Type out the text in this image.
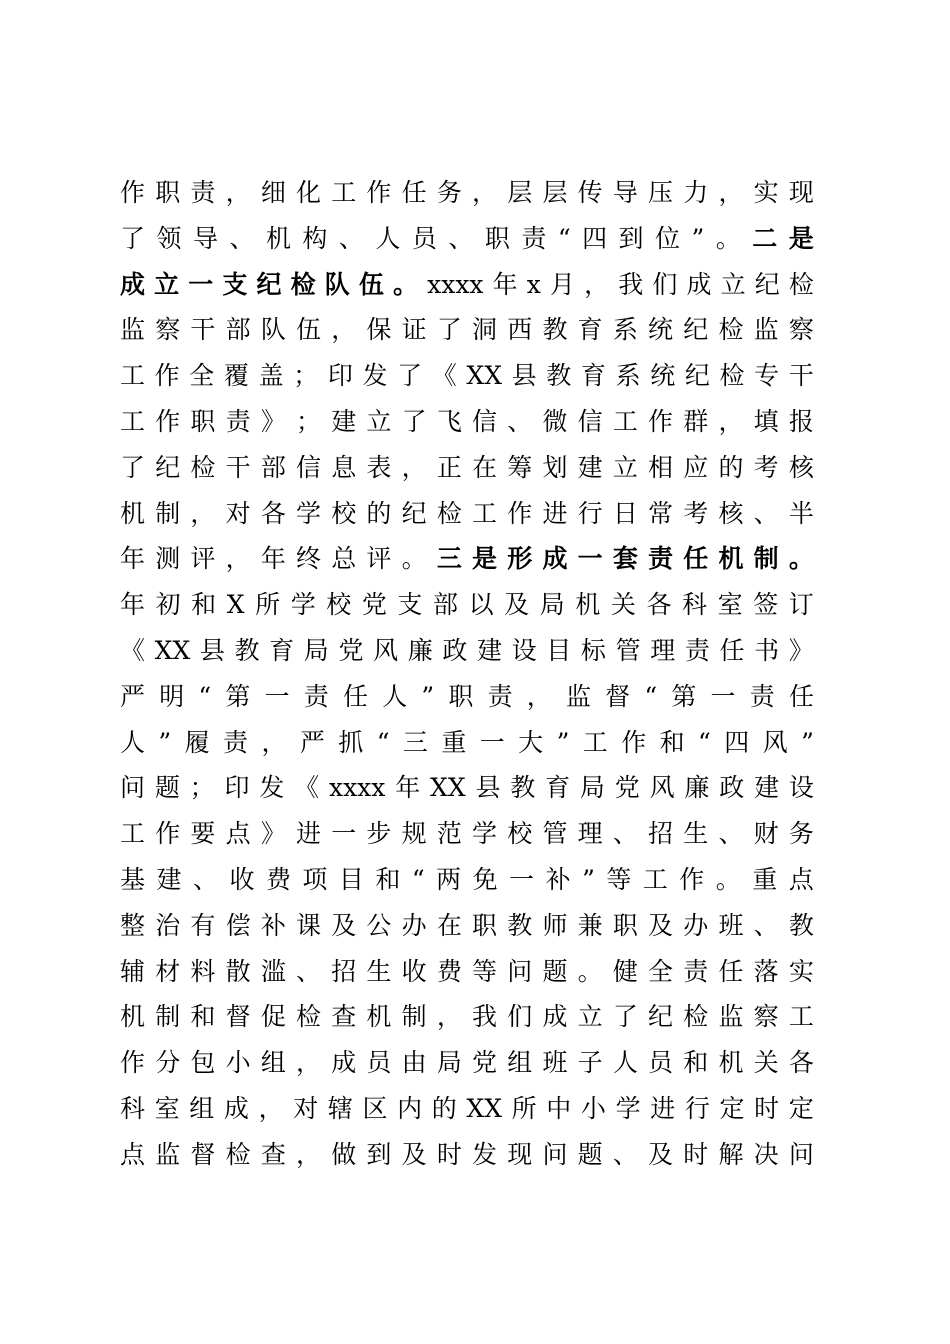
作 职 责 ， 细 化 工 作 任 务 ， 层 层 传 导 压 力 ， 实 现
了 领 导 、 机 构 、 人 员 、 职 责 “ 四 到 位 ” 。 二 是
成 立 一 支 纪 检 队 伍 。 xxxx 年 x 月 ， 我 们 成 立 纪 检
监 察 干 部 队 伍 ， 保 证 了 洞 西 教 育 系 统 纪 检 监 察
工 作 全 覆 盖 ； 印 发 了 《 XX 县 教 育 系 统 纪 检 专 干
工 作 职 责 》 ； 建 立 了 飞 信 、 微 信 工 作 群 ， 填 报
了 纪 检 干 部 信 息 表 ， 正 在 筹 划 建 立 相 应 的 考 核
机 制 ， 对 各 学 校 的 纪 检 工 作 进 行 日 常 考 核 、 半
年 测 评 ， 年 终 总 评 。 三 是 形 成 一 套 责 任 机 制 。
年 初 和 X 所 学 校 党 支 部 以 及 局 机 关 各 科 室 签 订
《 XX 县 教 育 局 党 风 廉 政 建 设 目 标 管 理 责 任 书 》
严 明 “ 第 一 责 任 人 ” 职 责 ， 监 督 “ 第 一 责 任
人 ” 履 责 ， 严 抓 “ 三 重 一 大 ” 工 作 和 “ 四 风 ”
问 题 ； 印 发 《 xxxx 年 XX 县 教 育 局 党 风 廉 政 建 设
工 作 要 点 》 进 一 步 规 范 学 校 管 理 、 招 生 、 财 务
基 建 、 收 费 项 目 和 “ 两 免 一 补 ” 等 工 作 。 重 点
整 治 有 偿 补 课 及 公 办 在 职 教 师 兼 职 及 办 班 、 教
辅 材 料 散 滥 、 招 生 收 费 等 问 题 。 健 全 责 任 落 实
机 制 和 督 促 检 查 机 制 ， 我 们 成 立 了 纪 检 监 察 工
作 分 包 小 组 ， 成 员 由 局 党 组 班 子 人 员 和 机 关 各
科 室 组 成 ， 对 辖 区 内 的 XX 所 中 小 学 进 行 定 时 定
点 监 督 检 查 ， 做 到 及 时 发 现 问 题 、 及 时 解 决 问
